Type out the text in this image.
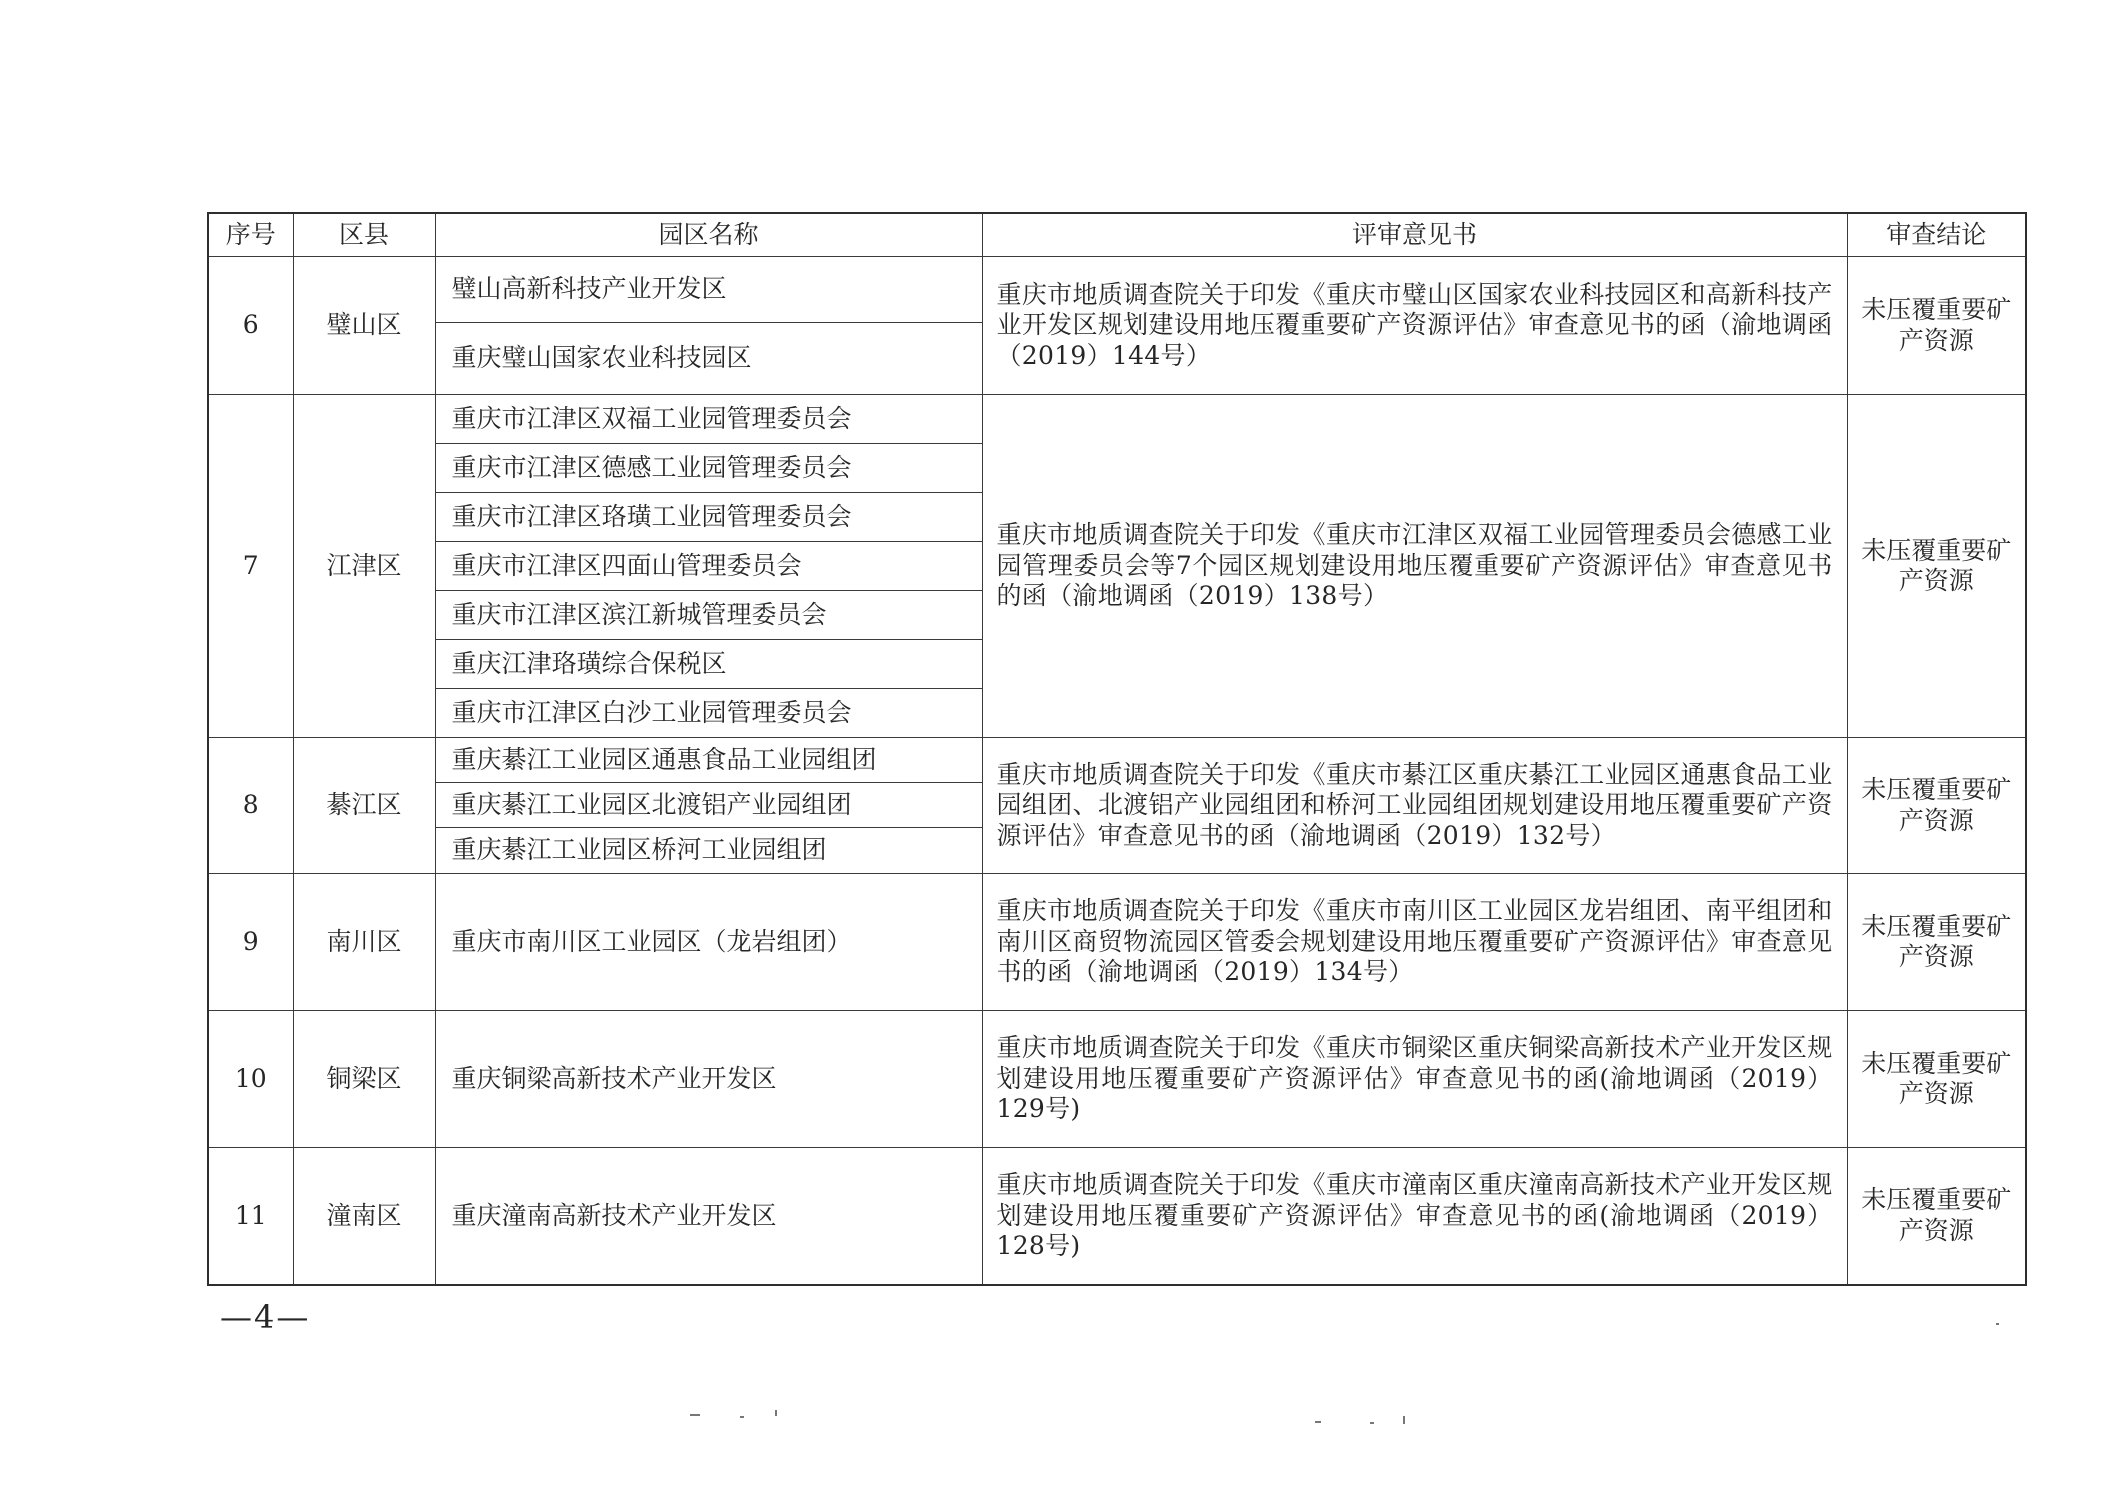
序号	区县	园区名称	评审意见书	审查结论
6	璧山区	璧山高新科技产业开发区	重庆市地质调查院关于印发《重庆市璧山区国家农业科技园区和高新科技产业开发区规划建设用地压覆重要矿产资源评估》审查意见书的函（渝地调函（2019）144号）	未压覆重要矿产资源
		重庆璧山国家农业科技园区		
7	江津区	重庆市江津区双福工业园管理委员会	重庆市地质调查院关于印发《重庆市江津区双福工业园管理委员会德感工业园管理委员会等7个园区规划建设用地压覆重要矿产资源评估》审查意见书的函（渝地调函（2019）138号）	未压覆重要矿产资源
		重庆市江津区德感工业园管理委员会		
		重庆市江津区珞璜工业园管理委员会		
		重庆市江津区四面山管理委员会		
		重庆市江津区滨江新城管理委员会		
		重庆江津珞璜综合保税区		
		重庆市江津区白沙工业园管理委员会		
8	綦江区	重庆綦江工业园区通惠食品工业园组团	重庆市地质调查院关于印发《重庆市綦江区重庆綦江工业园区通惠食品工业园组团、北渡铝产业园组团和桥河工业园组团规划建设用地压覆重要矿产资源评估》审查意见书的函（渝地调函（2019）132号）	未压覆重要矿产资源
		重庆綦江工业园区北渡铝产业园组团		
		重庆綦江工业园区桥河工业园组团		
9	南川区	重庆市南川区工业园区（龙岩组团）	重庆市地质调查院关于印发《重庆市南川区工业园区龙岩组团、南平组团和南川区商贸物流园区管委会规划建设用地压覆重要矿产资源评估》审查意见书的函（渝地调函（2019）134号）	未压覆重要矿产资源
10	铜梁区	重庆铜梁高新技术产业开发区	重庆市地质调查院关于印发《重庆市铜梁区重庆铜梁高新技术产业开发区规划建设用地压覆重要矿产资源评估》审查意见书的函(渝地调函（2019）129号)	未压覆重要矿产资源
11	潼南区	重庆潼南高新技术产业开发区	重庆市地质调查院关于印发《重庆市潼南区重庆潼南高新技术产业开发区规划建设用地压覆重要矿产资源评估》审查意见书的函(渝地调函（2019）128号)	未压覆重要矿产资源
—4—
